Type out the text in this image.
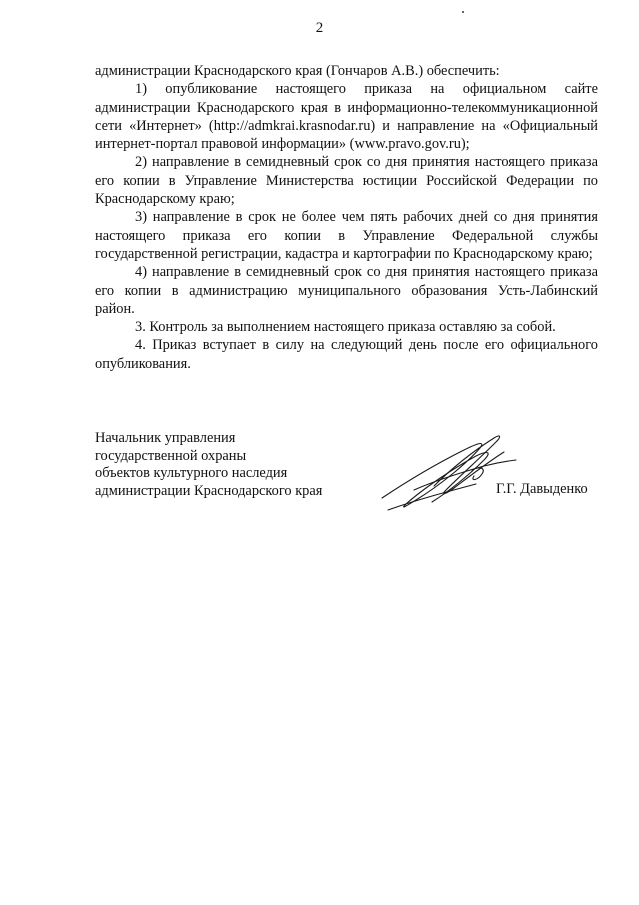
2

администрации Краснодарского края (Гончаров А.В.) обеспечить:

1) опубликование настоящего приказа на официальном сайте администрации Краснодарского края в информационно-телекоммуникационной сети «Интернет» (http://admkrai.krasnodar.ru) и направление на «Официальный интернет-портал правовой информации» (www.pravo.gov.ru);

2) направление в семидневный срок со дня принятия настоящего приказа его копии в Управление Министерства юстиции Российской Федерации по Краснодарскому краю;

3) направление в срок не более чем пять рабочих дней со дня принятия настоящего приказа его копии в Управление Федеральной службы государственной регистрации, кадастра и картографии по Краснодарскому краю;

4) направление в семидневный срок со дня принятия настоящего приказа его копии в администрацию муниципального образования Усть-Лабинский район.

3. Контроль за выполнением настоящего приказа оставляю за собой.

4. Приказ вступает в силу на следующий день после его официального опубликования.

Начальник управления
государственной охраны
объектов культурного наследия
администрации Краснодарского края	Г.Г. Давыденко
